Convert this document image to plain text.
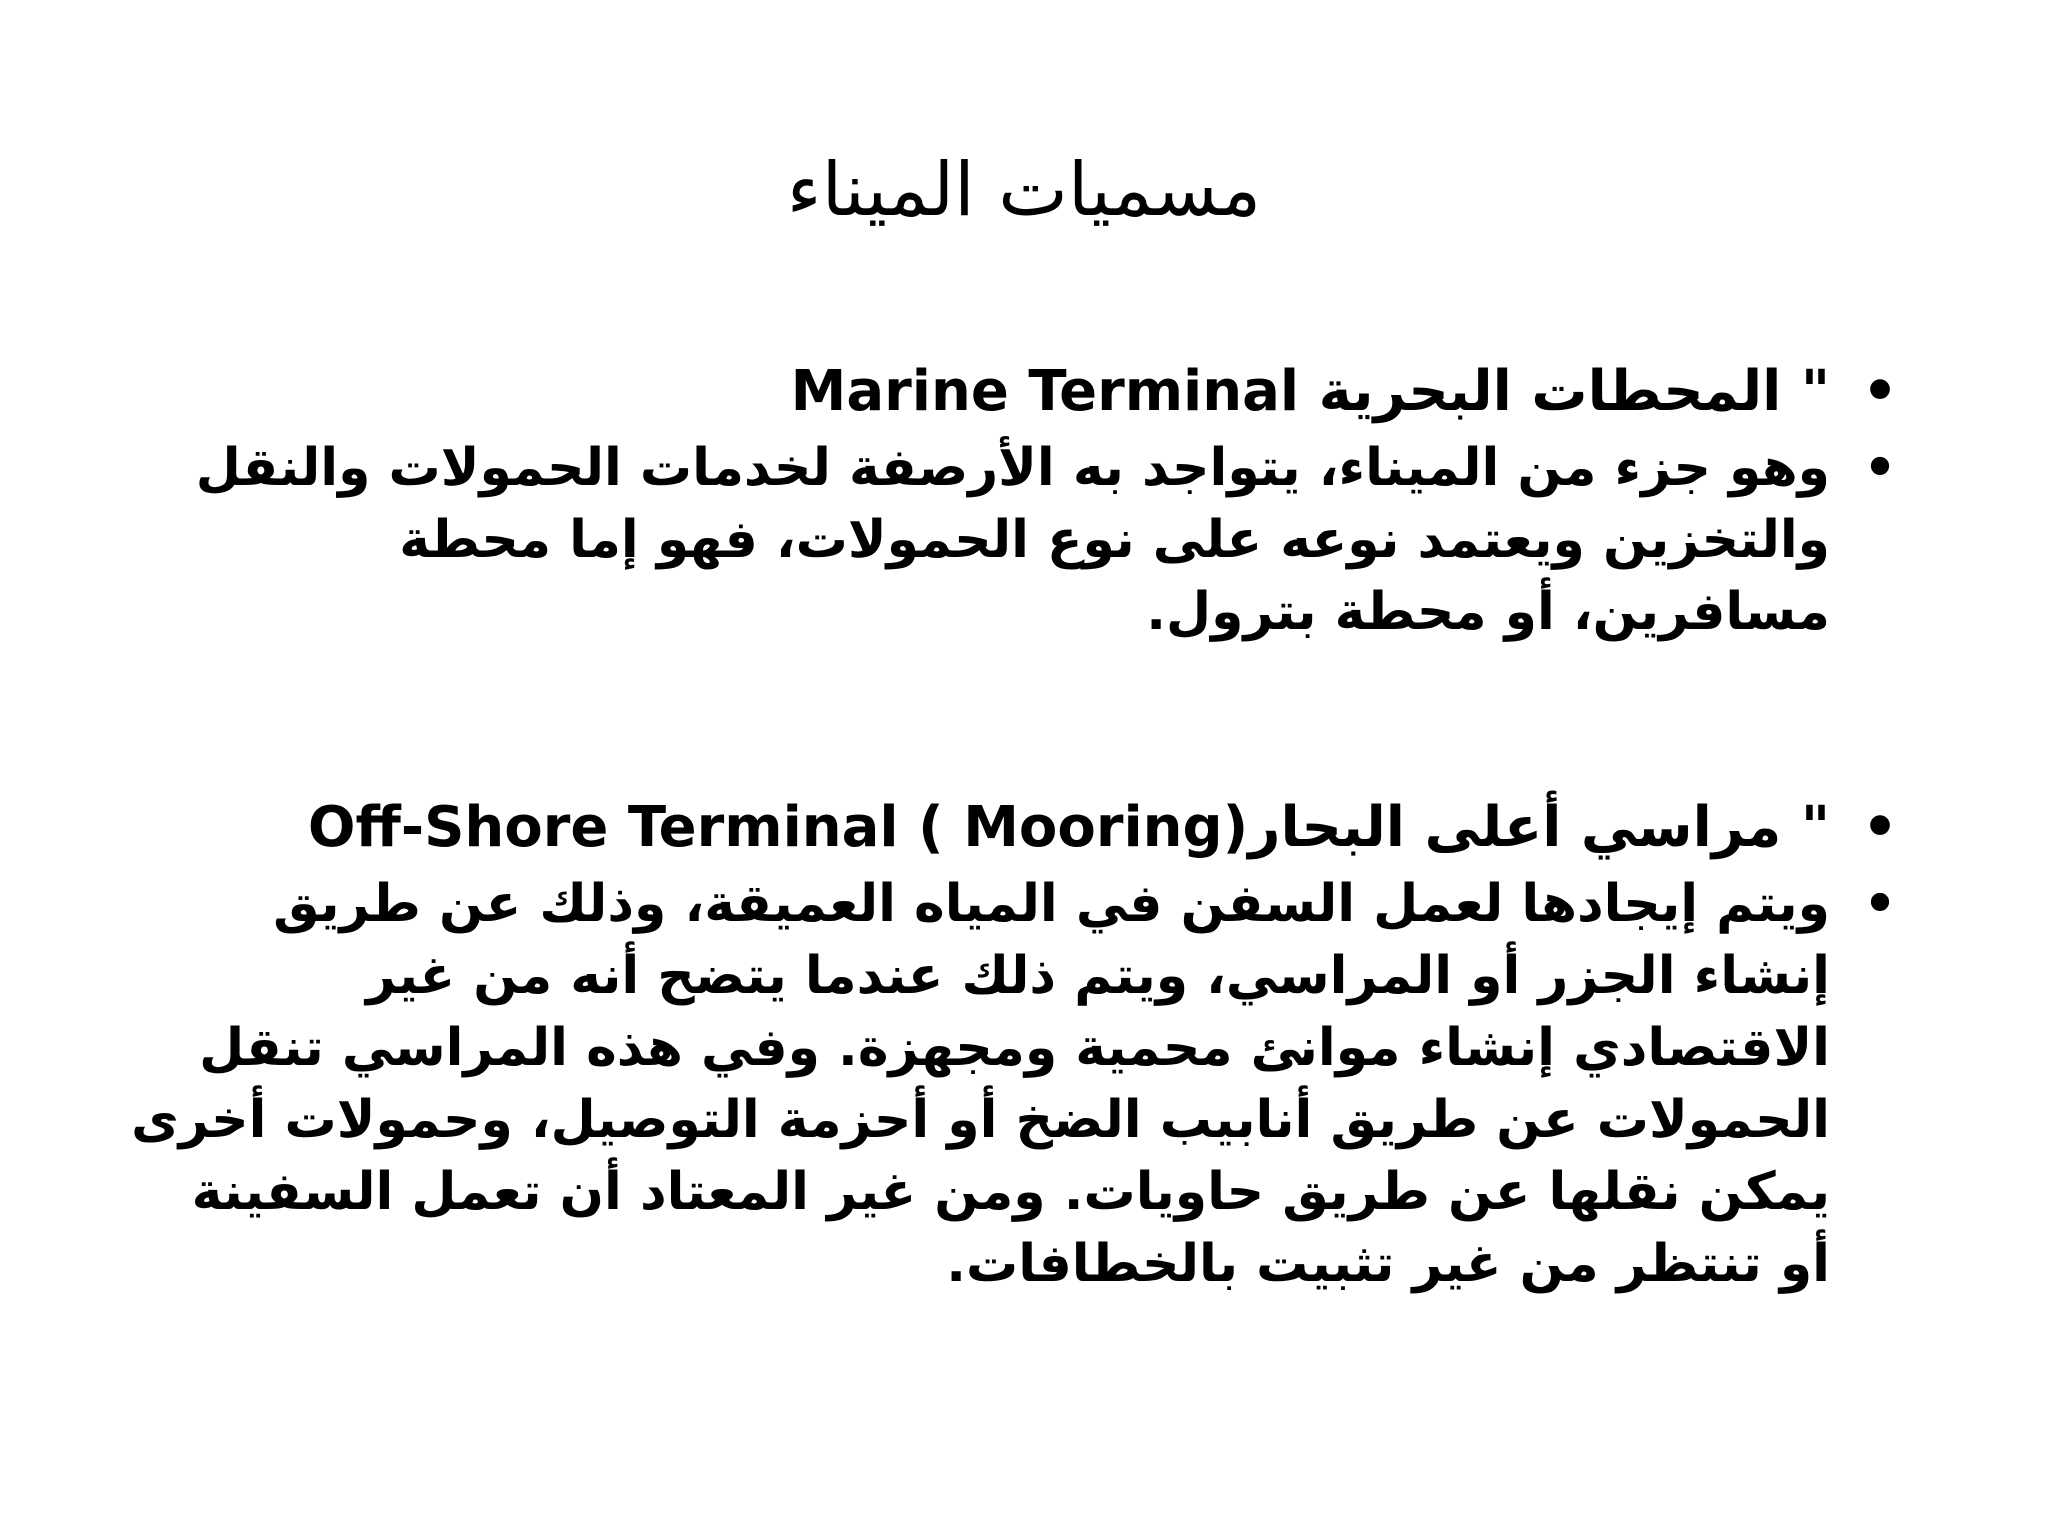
مسميات الميناء
•
" المحطات البحرية Marine Terminal
•
وهو جزء من الميناء، يتواجد به الأرصفة لخدمات الحمولات والنقل والتخزين ويعتمد نوعه على نوع الحمولات، فهو إما محطة مسافرين، أو محطة بترول.
•
" مراسي أعلى البحار(Off-Shore Terminal ( Mooring
•
ويتم إيجادها لعمل السفن في المياه العميقة، وذلك عن طريق إنشاء الجزر أو المراسي، ويتم ذلك عندما يتضح أنه من غير الاقتصادي إنشاء موانئ محمية ومجهزة. وفي هذه المراسي تنقل الحمولات عن طريق أنابيب الضخ أو أحزمة التوصيل، وحمولات أخرى يمكن نقلها عن طريق حاويات. ومن غير المعتاد أن تعمل السفينة أو تنتظر من غير تثبيت بالخطافات.
